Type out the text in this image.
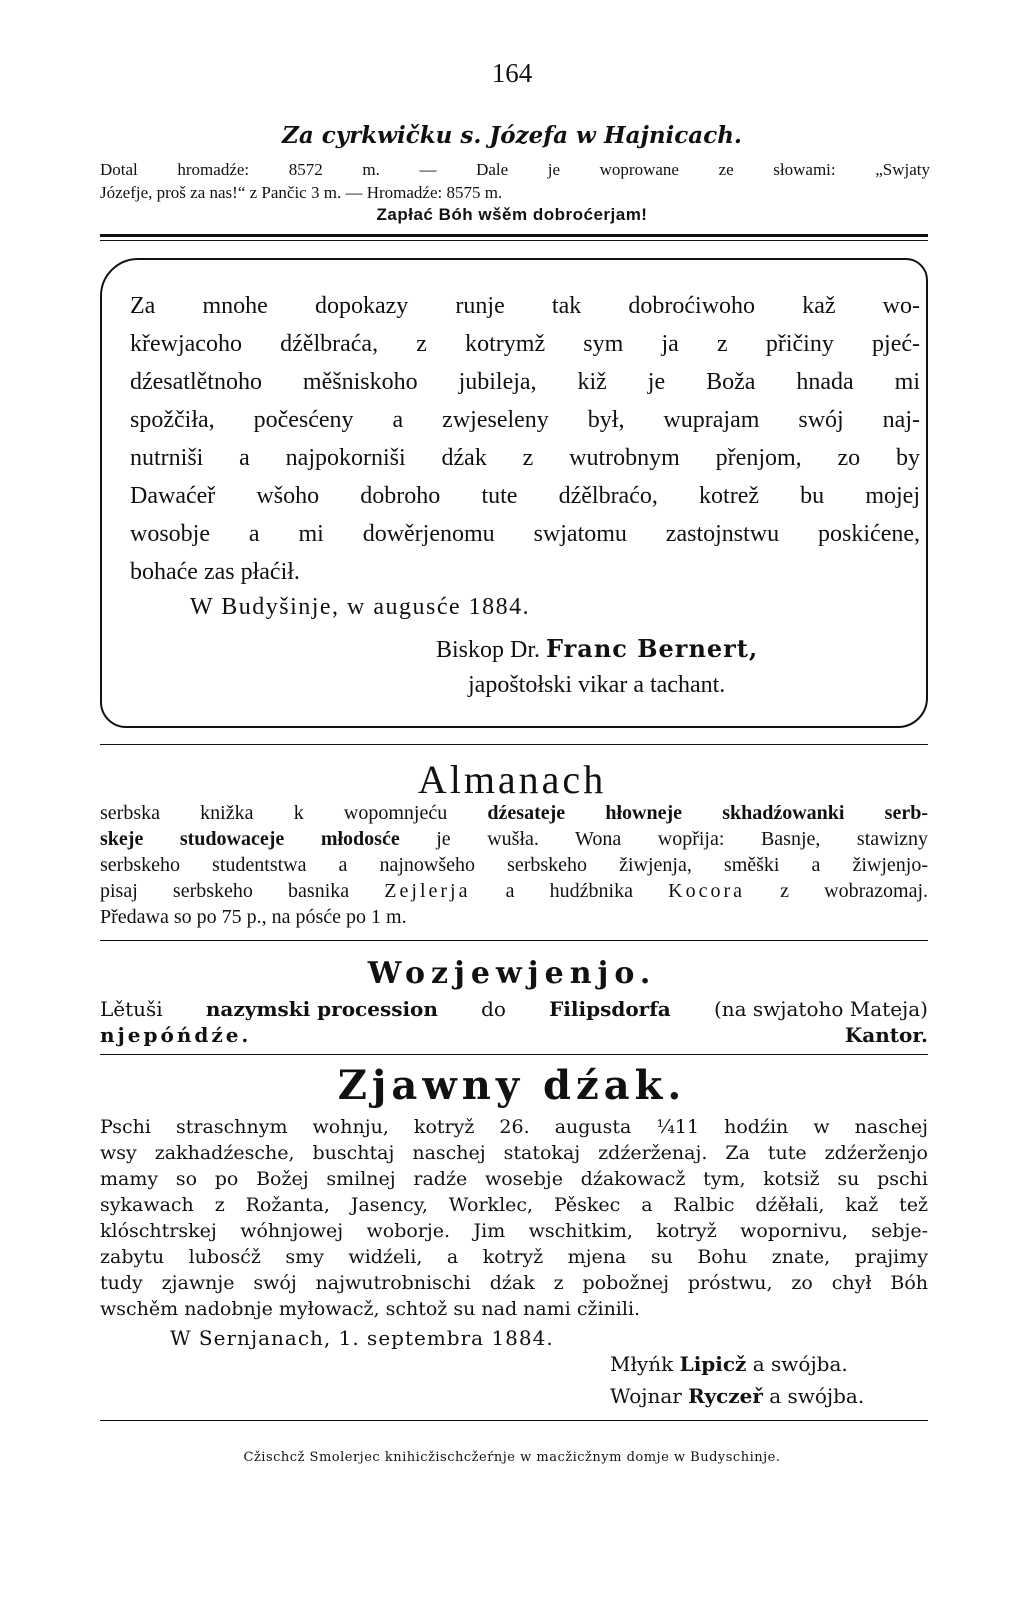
164
Za cyrkwičku s. Józefa w Hajnicach.
Dotal hromadźe: 8572 m. — Dale je woprowane ze słowami: „Swjaty
Józefje, proš za nas!“ z Pančic 3 m. — Hromadźe: 8575 m.
Zapłać Bóh wšěm dobroćerjam!
Za mnohe dopokazy runje tak dobroćiwoho kaž wo-
křewjacoho dźělbraća, z kotrymž sym ja z přičiny pjeć-
dźesatlětnoho měšniskoho jubileja, kiž je Boža hnada mi
spožčiła, počesćeny a zwjeseleny był, wuprajam swój naj-
nutrniši a najpokorniši dźak z wutrobnym přenjom, zo by
Dawaćeř wšoho dobroho tute dźělbraćo, kotrež bu mojej
wosobje a mi dowěrjenomu swjatomu zastojnstwu poskićene,
bohaće zas płaćił.
W Budyšinje, w augusće 1884.
Biskop Dr. Franc Bernert,
japoštołski vikar a tachant.
Almanach
serbska knižka k wopomnjeću dźesateje hłowneje skhadźowanki serb-
skeje studowaceje młodosće je wušła. Wona wopřija: Basnje, stawizny
serbskeho studentstwa a najnowšeho serbskeho žiwjenja, směški a žiwjenjo-
pisaj serbskeho basnika Zejlerja a hudźbnika Kocora z wobrazomaj.
Předawa so po 75 p., na pósće po 1 m.
Wozjewjenjo.
Lětuši nazymski procession do Filipsdorfa (na swjatoho Mateja)
njepóńdźe.	Kantor.
Zjawny dźak.
Pschi straschnym wohnju, kotryž 26. augusta ¼11 hodźin w naschej
wsy zakhadźesche, buschtaj naschej statokaj zdźerženaj. Za tute zdźerženjo
mamy so po Božej smilnej radźe wosebje dźakowacž tym, kotsiž su pschi
sykawach z Rožanta, Jasency, Worklec, Pěskec a Ralbic dźěłali, kaž tež
klóschtrskej wóhnjowej woborje. Jim wschitkim, kotryž wopornivu, sebje-
zabytu lubosćž smy widźeli, a kotryž mjena su Bohu znate, prajimy
tudy zjawnje swój najwutrobnischi dźak z pobožnej próstwu, zo chył Bóh
wschěm nadobnje myłowacž, schtož su nad nami cžinili.
W Sernjanach, 1. septembra 1884.
Młyńk Lipicž a swójba.
Wojnar Ryczeř a swójba.
Cžischcž Smolerjec knihicžischcžeŕnje w macžicžnym domje w Budyschinje.
